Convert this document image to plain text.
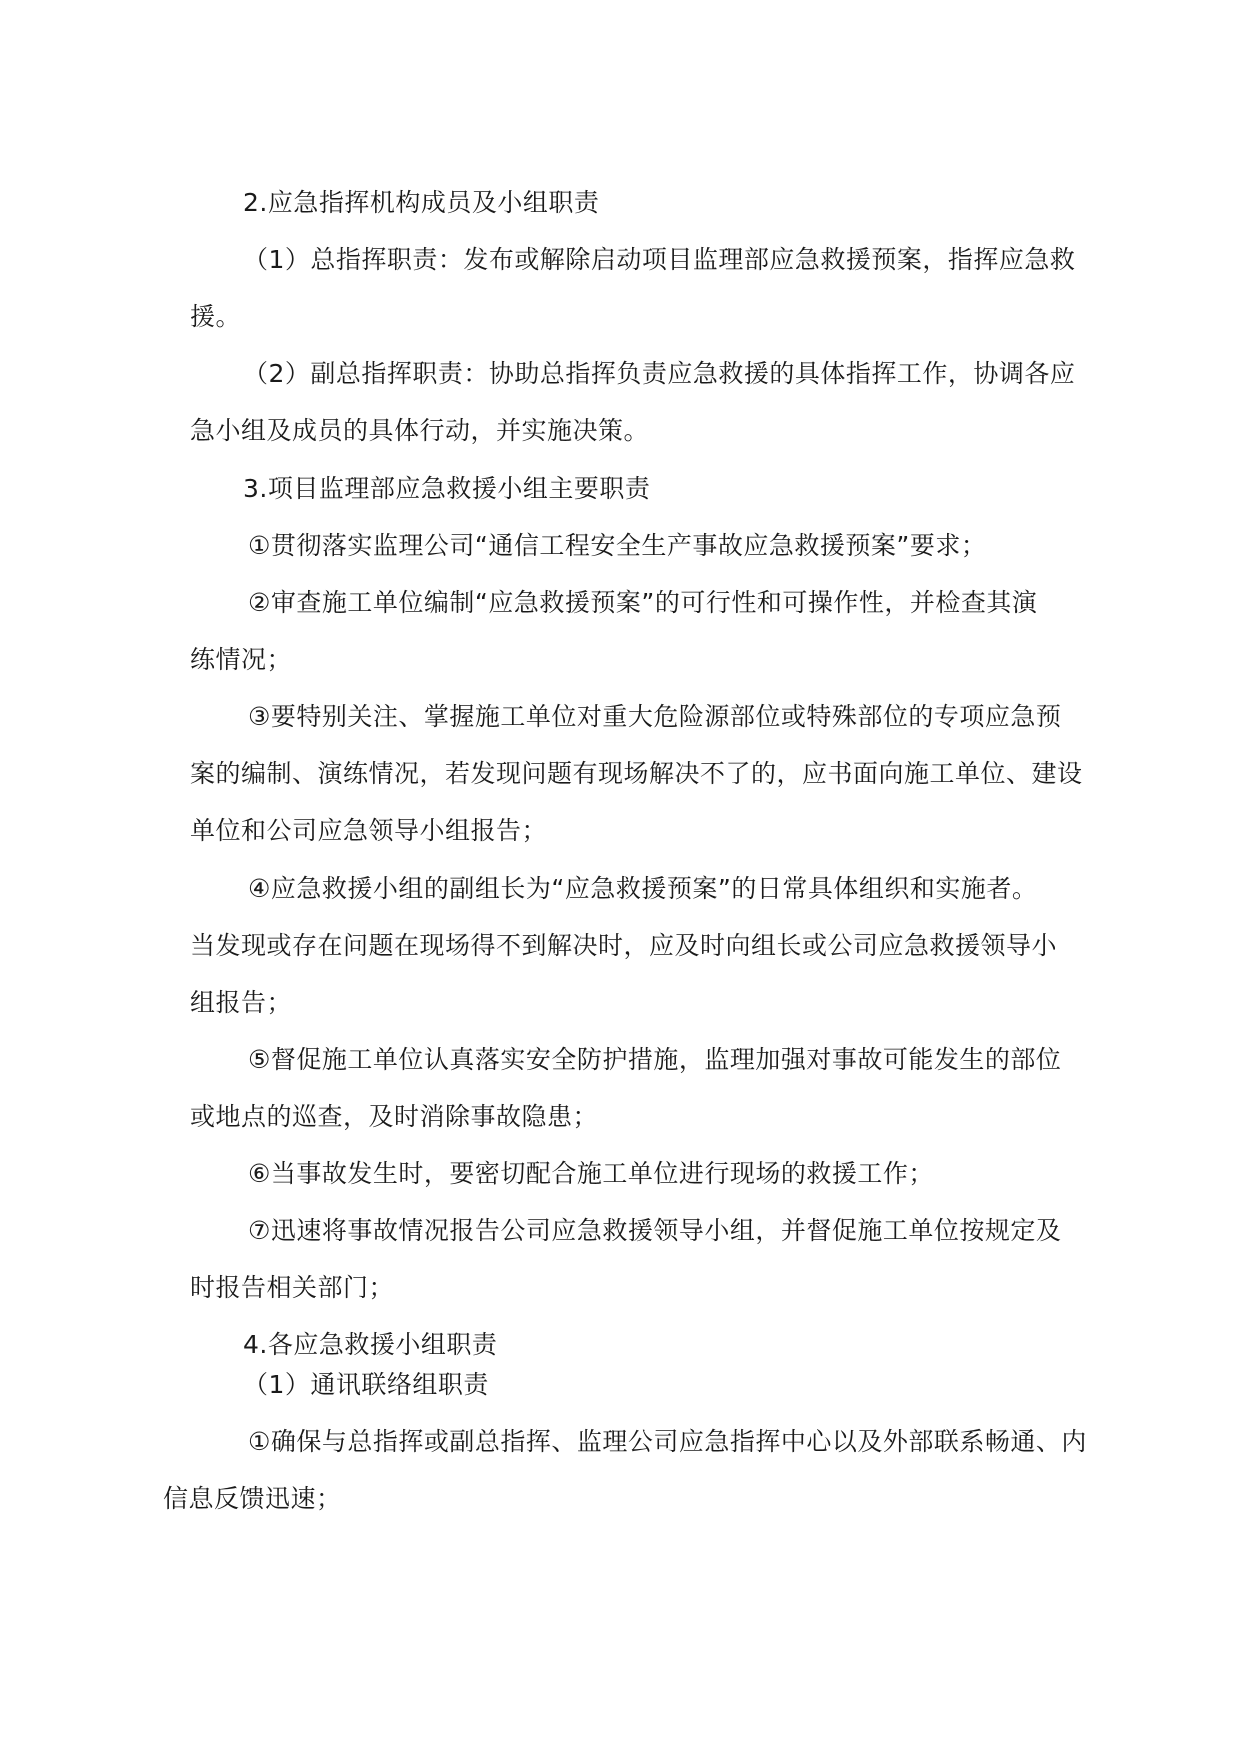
2.应急指挥机构成员及小组职责
（1）总指挥职责：发布或解除启动项目监理部应急救援预案，指挥应急救
援。
（2）副总指挥职责：协助总指挥负责应急救援的具体指挥工作，协调各应
急小组及成员的具体行动，并实施决策。
3.项目监理部应急救援小组主要职责
①贯彻落实监理公司“通信工程安全生产事故应急救援预案”要求；
②审查施工单位编制“应急救援预案”的可行性和可操作性，并检查其演
练情况；
③要特别关注、掌握施工单位对重大危险源部位或特殊部位的专项应急预
案的编制、演练情况，若发现问题有现场解决不了的，应书面向施工单位、建设
单位和公司应急领导小组报告；
④应急救援小组的副组长为“应急救援预案”的日常具体组织和实施者。
当发现或存在问题在现场得不到解决时，应及时向组长或公司应急救援领导小
组报告；
⑤督促施工单位认真落实安全防护措施，监理加强对事故可能发生的部位
或地点的巡查，及时消除事故隐患；
⑥当事故发生时，要密切配合施工单位进行现场的救援工作；
⑦迅速将事故情况报告公司应急救援领导小组，并督促施工单位按规定及
时报告相关部门；
4.各应急救援小组职责
（1）通讯联络组职责
①确保与总指挥或副总指挥、监理公司应急指挥中心以及外部联系畅通、内
信息反馈迅速；
